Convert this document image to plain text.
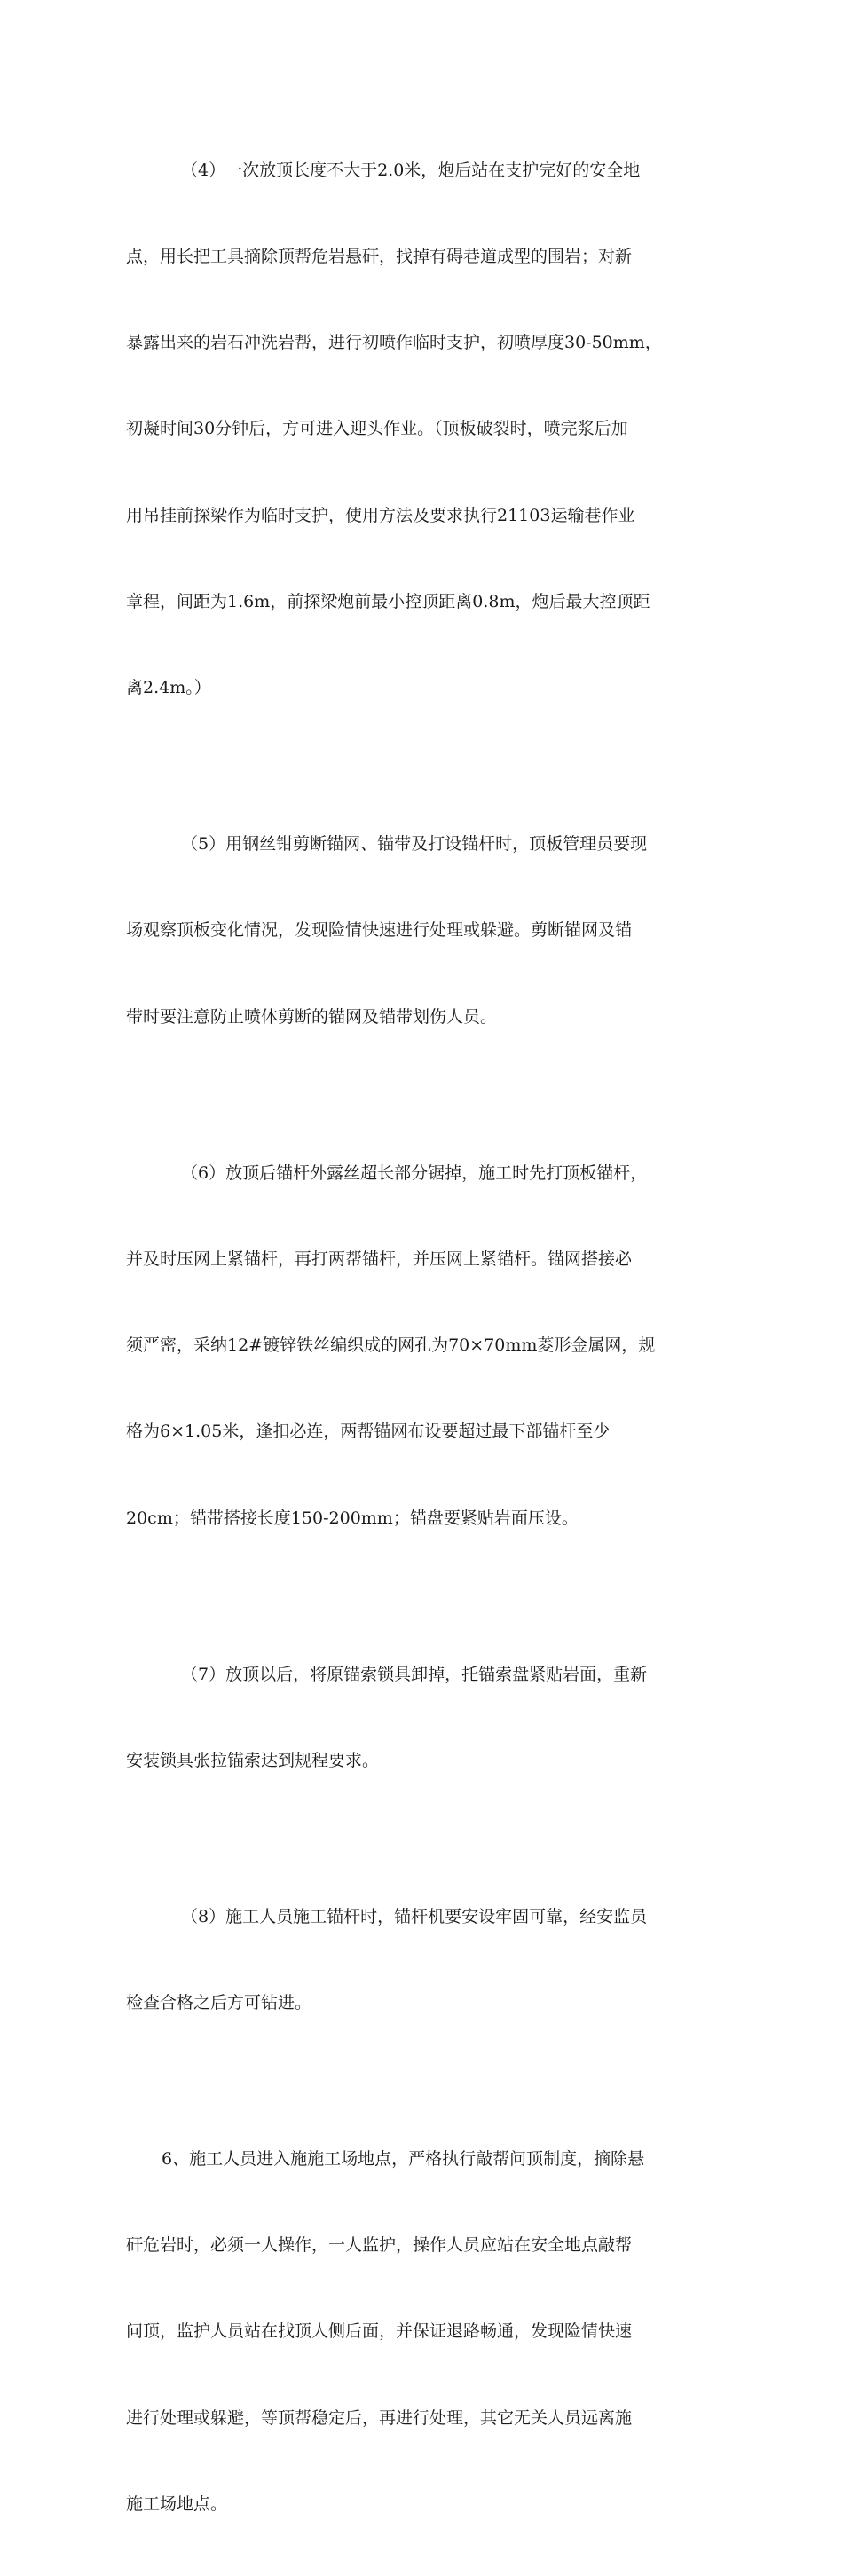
（4）一次放顶长度不大于2.0米，炮后站在支护完好的安全地

点，用长把工具摘除顶帮危岩悬矸，找掉有碍巷道成型的围岩；对新

暴露出来的岩石冲洗岩帮，进行初喷作临时支护，初喷厚度30-50mm，

初凝时间30分钟后，方可进入迎头作业。（顶板破裂时，喷完浆后加

用吊挂前探梁作为临时支护，使用方法及要求执行21103运输巷作业

章程，间距为1.6m，前探梁炮前最小控顶距离0.8m，炮后最大控顶距

离2.4m。）

（5）用钢丝钳剪断锚网、锚带及打设锚杆时，顶板管理员要现

场观察顶板变化情况，发现险情快速进行处理或躲避。剪断锚网及锚

带时要注意防止喷体剪断的锚网及锚带划伤人员。

（6）放顶后锚杆外露丝超长部分锯掉，施工时先打顶板锚杆，

并及时压网上紧锚杆，再打两帮锚杆，并压网上紧锚杆。锚网搭接必

须严密，采纳12#镀锌铁丝编织成的网孔为70×70mm菱形金属网，规

格为6×1.05米，逢扣必连，两帮锚网布设要超过最下部锚杆至少

20cm；锚带搭接长度150-200mm；锚盘要紧贴岩面压设。

（7）放顶以后，将原锚索锁具卸掉，托锚索盘紧贴岩面，重新

安装锁具张拉锚索达到规程要求。

（8）施工人员施工锚杆时，锚杆机要安设牢固可靠，经安监员

检查合格之后方可钻进。

6、施工人员进入施施工场地点，严格执行敲帮问顶制度，摘除悬

矸危岩时，必须一人操作，一人监护，操作人员应站在安全地点敲帮

问顶，监护人员站在找顶人侧后面，并保证退路畅通，发现险情快速

进行处理或躲避，等顶帮稳定后，再进行处理，其它无关人员远离施

施工场地点。
